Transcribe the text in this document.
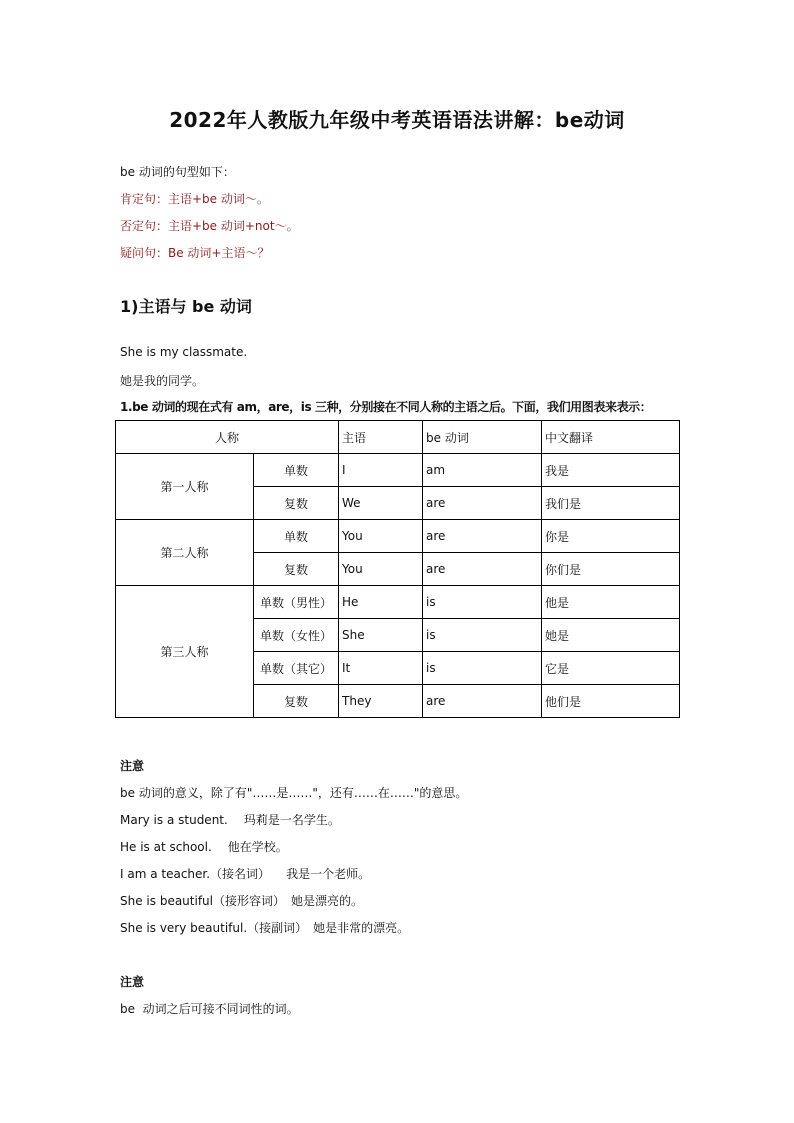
2022年人教版九年级中考英语语法讲解：be动词
be 动词的句型如下：
肯定句：主语+be 动词～。
否定句：主语+be 动词+not～。
疑问句：Be 动词+主语～？
1)主语与 be 动词
She is my classmate.
她是我的同学。
1.be 动词的现在式有 am，are，is 三种，分别接在不同人称的主语之后。下面，我们用图表来表示：
人称		主语	be 动词	中文翻译
第一人称	单数	I	am	我是
	复数	We	are	我们是
第二人称	单数	You	are	你是
	复数	You	are	你们是
第三人称	单数（男性）	He	is	他是
	单数（女性）	She	is	她是
	单数（其它）	It	is	它是
	复数	They	are	他们是
注意
be 动词的意义，除了有"……是……"，还有……在……"的意思。
Mary is a student. 玛莉是一名学生。
He is at school. 他在学校。
I am a teacher.（接名词） 我是一个老师。
She is beautiful（接形容词） 她是漂亮的。
She is very beautiful.（接副词） 她是非常的漂亮。
注意
be  动词之后可接不同词性的词。
